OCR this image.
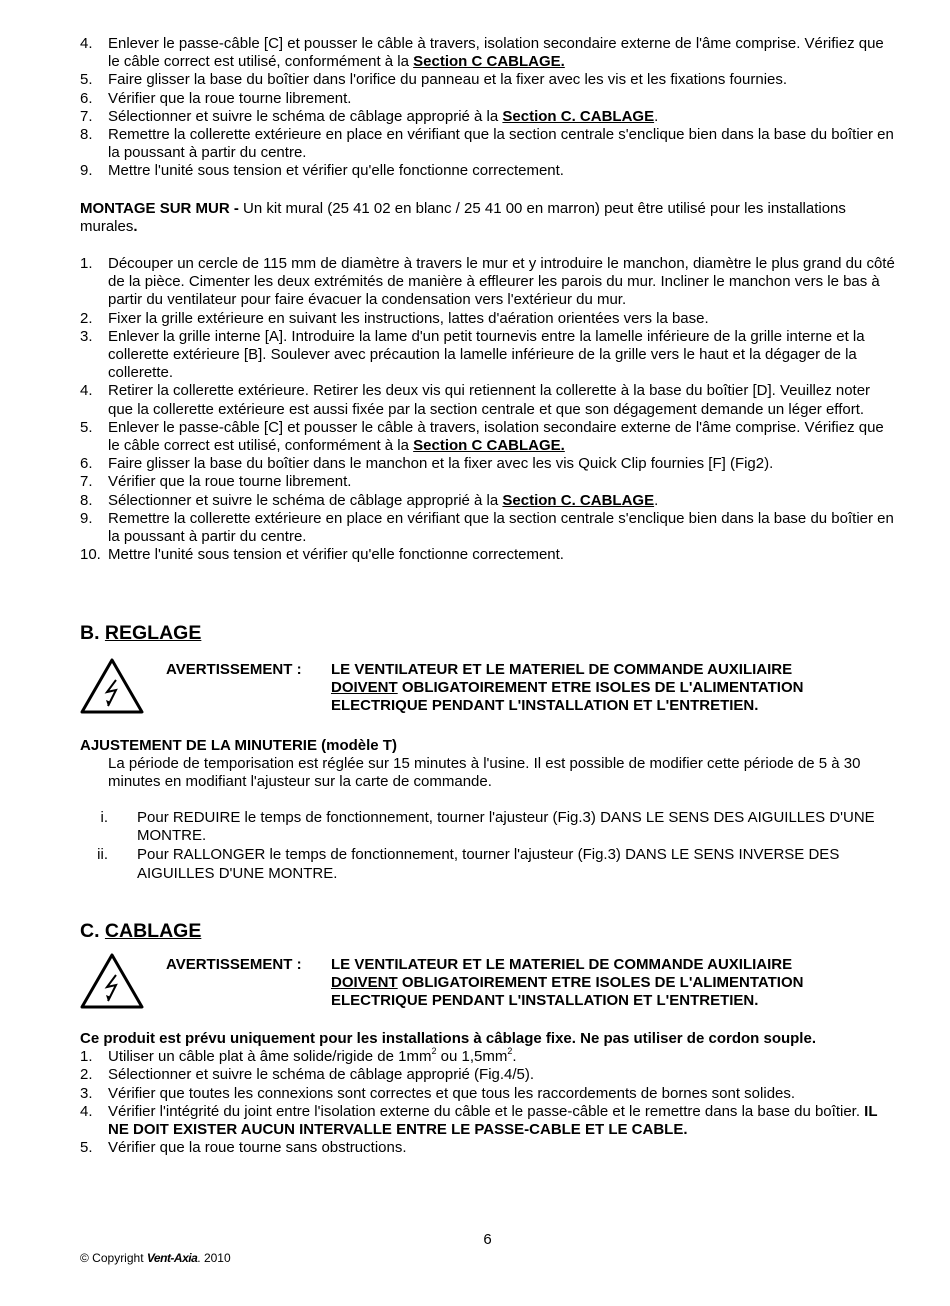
4. Enlever le passe-câble [C] et pousser le câble à travers, isolation secondaire externe de l'âme comprise. Vérifiez que le câble correct est utilisé, conformément à la Section C CABLAGE.
5. Faire glisser la base du boîtier dans l'orifice du panneau et la fixer avec les vis et les fixations fournies.
6. Vérifier que la roue tourne librement.
7. Sélectionner et suivre le schéma de câblage approprié à la Section C. CABLAGE.
8. Remettre la collerette extérieure en place en vérifiant que la section centrale s'enclique bien dans la base du boîtier en la poussant à partir du centre.
9. Mettre l'unité sous tension et vérifier qu'elle fonctionne correctement.
MONTAGE SUR MUR - Un kit mural (25 41 02 en blanc / 25 41 00 en marron) peut être utilisé pour les installations murales.
1. Découper un cercle de 115 mm de diamètre à travers le mur et y introduire le manchon, diamètre le plus grand du côté de la pièce. Cimenter les deux extrémités de manière à effleurer les parois du mur. Incliner le manchon vers le bas à partir du ventilateur pour faire évacuer la condensation vers l'extérieur du mur.
2. Fixer la grille extérieure en suivant les instructions, lattes d'aération orientées vers la base.
3. Enlever la grille interne [A]. Introduire la lame d'un petit tournevis entre la lamelle inférieure de la grille interne et la collerette extérieure [B]. Soulever avec précaution la lamelle inférieure de la grille vers le haut et la dégager de la collerette.
4. Retirer la collerette extérieure. Retirer les deux vis qui retiennent la collerette à la base du boîtier [D]. Veuillez noter que la collerette extérieure est aussi fixée par la section centrale et que son dégagement demande un léger effort.
5. Enlever le passe-câble [C] et pousser le câble à travers, isolation secondaire externe de l'âme comprise. Vérifiez que le câble correct est utilisé, conformément à la Section C CABLAGE.
6. Faire glisser la base du boîtier dans le manchon et la fixer avec les vis Quick Clip fournies [F] (Fig2).
7. Vérifier que la roue tourne librement.
8. Sélectionner et suivre le schéma de câblage approprié à la Section C. CABLAGE.
9. Remettre la collerette extérieure en place en vérifiant que la section centrale s'enclique bien dans la base du boîtier en la poussant à partir du centre.
10. Mettre l'unité sous tension et vérifier qu'elle fonctionne correctement.
B. REGLAGE
AVERTISSEMENT : LE VENTILATEUR ET LE MATERIEL DE COMMANDE AUXILIAIRE
DOIVENT OBLIGATOIREMENT ETRE ISOLES DE L'ALIMENTATION
ELECTRIQUE PENDANT L'INSTALLATION ET L'ENTRETIEN.
AJUSTEMENT DE LA MINUTERIE (modèle T)
La période de temporisation est réglée sur 15 minutes à l'usine. Il est possible de modifier cette période de 5 à 30 minutes en modifiant l'ajusteur sur la carte de commande.
i. Pour REDUIRE le temps de fonctionnement, tourner l'ajusteur (Fig.3) DANS LE SENS DES AIGUILLES D'UNE MONTRE.
ii. Pour RALLONGER le temps de fonctionnement, tourner l'ajusteur (Fig.3) DANS LE SENS INVERSE DES AIGUILLES D'UNE MONTRE.
C. CABLAGE
AVERTISSEMENT : LE VENTILATEUR ET LE MATERIEL DE COMMANDE AUXILIAIRE
DOIVENT OBLIGATOIREMENT ETRE ISOLES DE L'ALIMENTATION
ELECTRIQUE PENDANT L'INSTALLATION ET L'ENTRETIEN.
Ce produit est prévu uniquement pour les installations à câblage fixe. Ne pas utiliser de cordon souple.
1. Utiliser un câble plat à âme solide/rigide de $1mm^2$ ou $1,5mm^2$.
2. Sélectionner et suivre le schéma de câblage approprié (Fig.4/5).
3. Vérifier que toutes les connexions sont correctes et que tous les raccordements de bornes sont solides.
4. Vérifier l'intégrité du joint entre l'isolation externe du câble et le passe-câble et le remettre dans la base du boîtier. IL NE DOIT EXISTER AUCUN INTERVALLE ENTRE LE PASSE-CABLE ET LE CABLE.
5. Vérifier que la roue tourne sans obstructions.
6
© Copyright Vent-Axia. 2010
